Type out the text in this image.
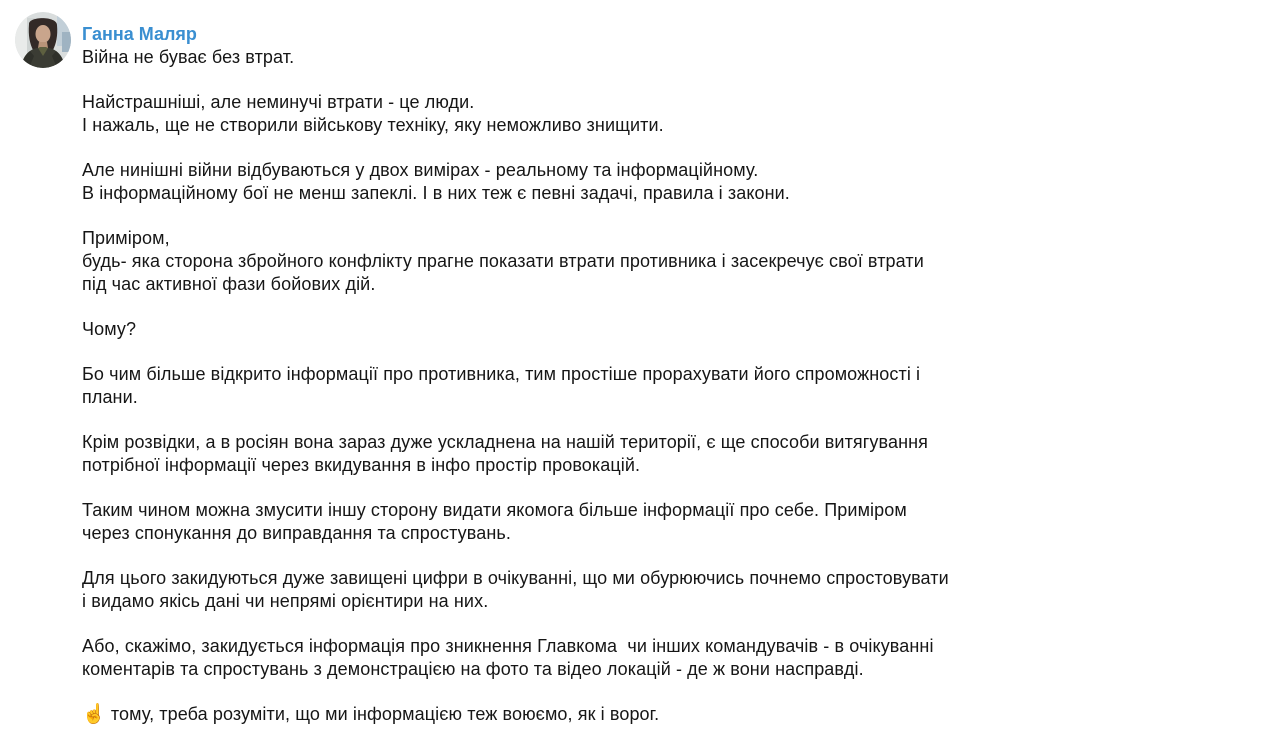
Ганна Маляр
Війна не буває без втрат.
Найстрашніші, але неминучі втрати - це люди.
І нажаль, ще не створили військову техніку, яку неможливо знищити.
Але нинішні війни відбуваються у двох вимірах - реальному та інформаційному.
В інформаційному бої не менш запеклі. І в них теж є певні задачі, правила і закони.
Приміром,
будь- яка сторона збройного конфлікту прагне показати втрати противника і засекречує свої втрати
під час активної фази бойових дій.
Чому?
Бо чим більше відкрито інформації про противника, тим простіше прорахувати його спроможності і
плани.
Крім розвідки, а в росіян вона зараз дуже ускладнена на нашій території, є ще способи витягування
потрібної інформації через вкидування в інфо простір провокацій.
Таким чином можна змусити іншу сторону видати якомога більше інформації про себе. Приміром
через спонукання до виправдання та спростувань.
Для цього закидуються дуже завищені цифри в очікуванні, що ми обурюючись почнемо спростовувати
і видамо якісь дані чи непрямі орієнтири на них.
Або, скажімо, закидується інформація про зникнення Главкома  чи інших командувачів - в очікуванні
коментарів та спростувань з демонстрацією на фото та відео локацій - де ж вони насправді.
☝ тому, треба розуміти, що ми інформацією теж воюємо, як і ворог.
